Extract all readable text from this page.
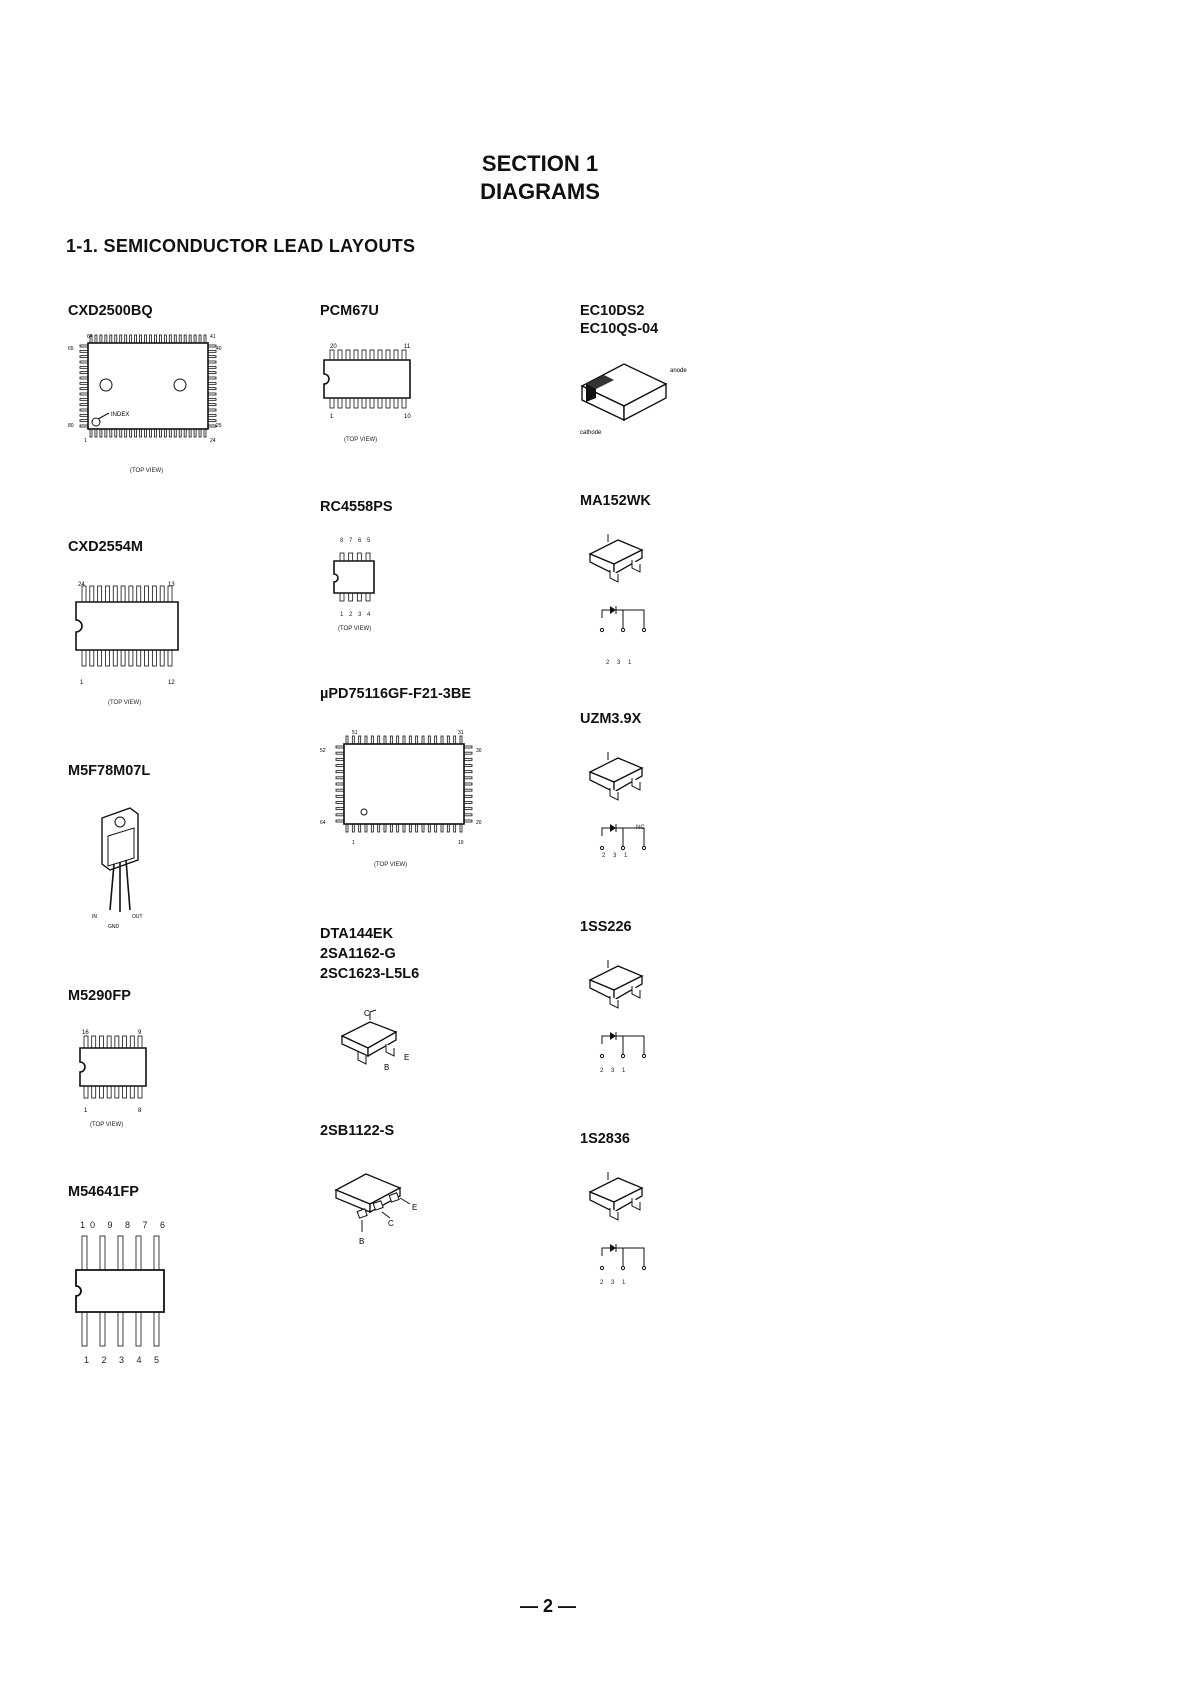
SECTION 1
DIAGRAMS
1-1. SEMICONDUCTOR LEAD LAYOUTS
CXD2500BQ
INDEX
64	41
65	40
80	25
1	24
(TOP VIEW)
CXD2554M
24	13
1	12
(TOP VIEW)
M5F78M07L
IN
GND
OUT
M5290FP
16	9
1	8
(TOP VIEW)
M54641FP
10 9 8 7 6
1 2 3 4 5
PCM67U
20	11
1	10
(TOP VIEW)
RC4558PS
8 7 6 5
1 2 3 4
(TOP VIEW)
µPD75116GF-F21-3BE
51	31
52	30
64	20
1	19
(TOP VIEW)
DTA144EK
2SA1162-G
2SC1623-L5L6
C
B
E
2SB1122-S
E
C
B
EC10DS2
EC10QS-04
anode
cathode
MA152WK
2 3 1
UZM3.9X
NC
2 3 1
1SS226
2 3 1
1S2836
2 3 1
— 2 —
